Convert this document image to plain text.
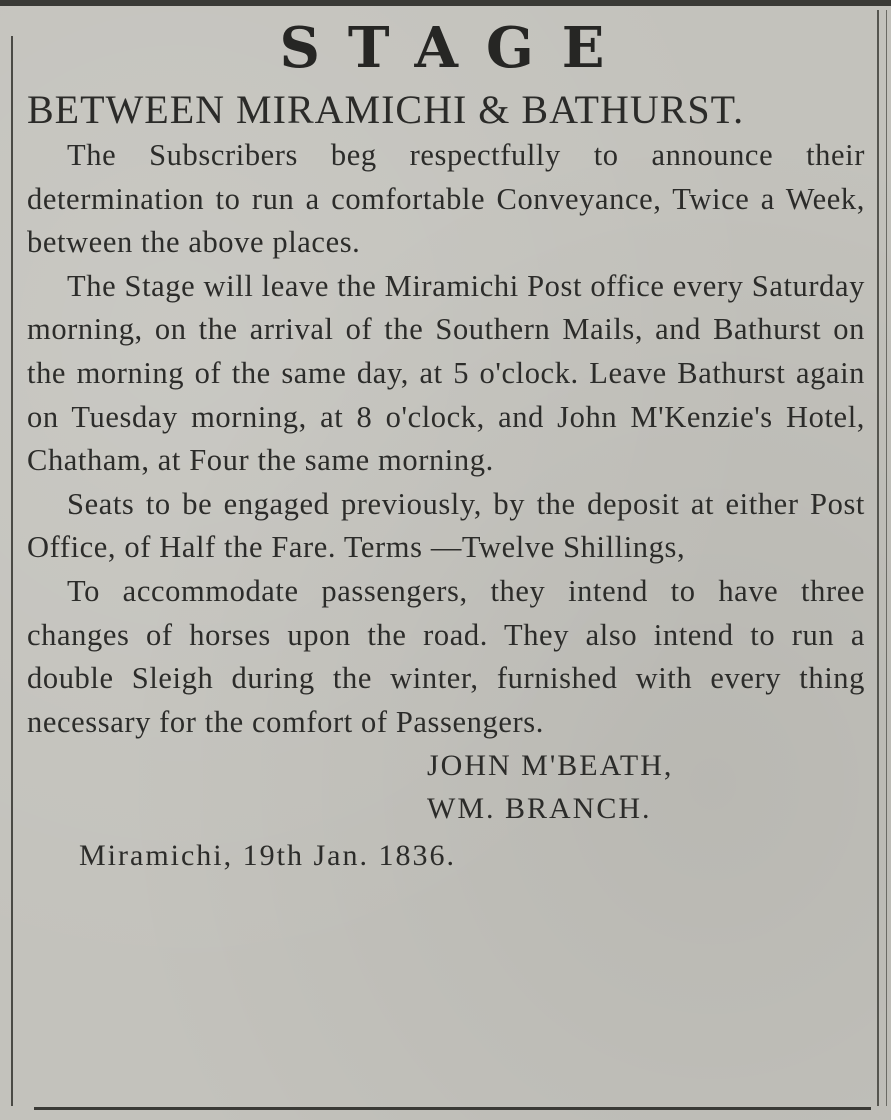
STAGE

BETWEEN MIRAMICHI & BATHURST.

The Subscribers beg respectfully to announce their determination to run a comfortable Conveyance, Twice a Week, between the above places.

The Stage will leave the Miramichi Post office every Saturday morning, on the arrival of the Southern Mails, and Bathurst on the morning of the same day, at 5 o'clock. Leave Bathurst again on Tuesday morning, at 8 o'clock, and John M'Kenzie's Hotel, Chatham, at Four the same morning.

Seats to be engaged previously, by the deposit at either Post Office, of Half the Fare. Terms —Twelve Shillings,

To accommodate passengers, they intend to have three changes of horses upon the road. They also intend to run a double Sleigh during the winter, furnished with every thing necessary for the comfort of Passengers.

JOHN M'BEATH,

WM. BRANCH.

Miramichi, 19th Jan. 1836.
